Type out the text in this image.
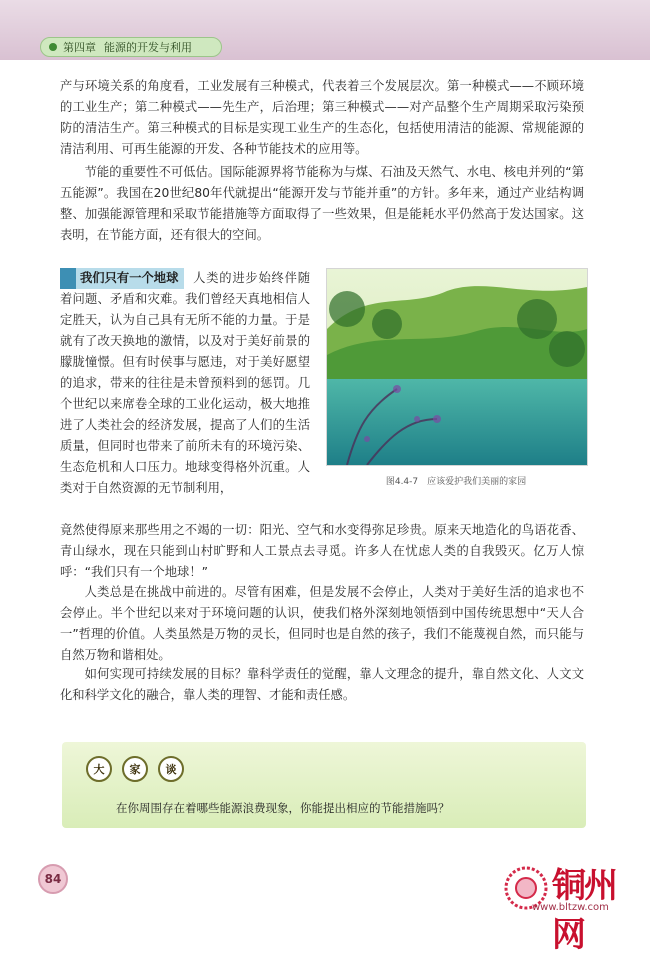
第四章 能源的开发与利用

产与环境关系的角度看，工业发展有三种模式，代表着三个发展层次。第一种模式——不顾环境的工业生产；第二种模式——先生产，后治理；第三种模式——对产品整个生产周期采取污染预防的清洁生产。第三种模式的目标是实现工业生产的生态化，包括使用清洁的能源、常规能源的清洁利用、可再生能源的开发、各种节能技术的应用等。

节能的重要性不可低估。国际能源界将节能称为与煤、石油及天然气、水电、核电并列的“第五能源”。我国在20世纪80年代就提出“能源开发与节能并重”的方针。多年来，通过产业结构调整、加强能源管理和采取节能措施等方面取得了一些效果，但是能耗水平仍然高于发达国家。这表明，在节能方面，还有很大的空间。

我们只有一个地球 人类的进步始终伴随着问题、矛盾和灾难。我们曾经天真地相信人定胜天，认为自己具有无所不能的力量。于是就有了改天换地的激情，以及对于美好前景的朦胧憧憬。但有时侯事与愿违，对于美好愿望的追求，带来的往往是未曾预料到的惩罚。几个世纪以来席卷全球的工业化运动，极大地推进了人类社会的经济发展，提高了人们的生活质量，但同时也带来了前所未有的环境污染、生态危机和人口压力。地球变得格外沉重。人类对于自然资源的无节制利用，	图4.4-7　应该爱护我们美丽的家园

竟然使得原来那些用之不竭的一切：阳光、空气和水变得弥足珍贵。原来天地造化的鸟语花香、青山绿水，现在只能到山村旷野和人工景点去寻觅。许多人在忧虑人类的自我毁灭。亿万人惊呼：“我们只有一个地球！”

人类总是在挑战中前进的。尽管有困难，但是发展不会停止，人类对于美好生活的追求也不会停止。半个世纪以来对于环境问题的认识，使我们格外深刻地领悟到中国传统思想中“天人合一”哲理的价值。人类虽然是万物的灵长，但同时也是自然的孩子，我们不能蔑视自然，而只能与自然万物和谐相处。

如何实现可持续发展的目标？靠科学责任的觉醒，靠人文理念的提升，靠自然文化、人文文化和科学文化的融合，靠人类的理智、才能和责任感。

大	家	谈
在你周围存在着哪些能源浪费现象，你能提出相应的节能措施吗？
84	铜州网
www.bltzw.com
